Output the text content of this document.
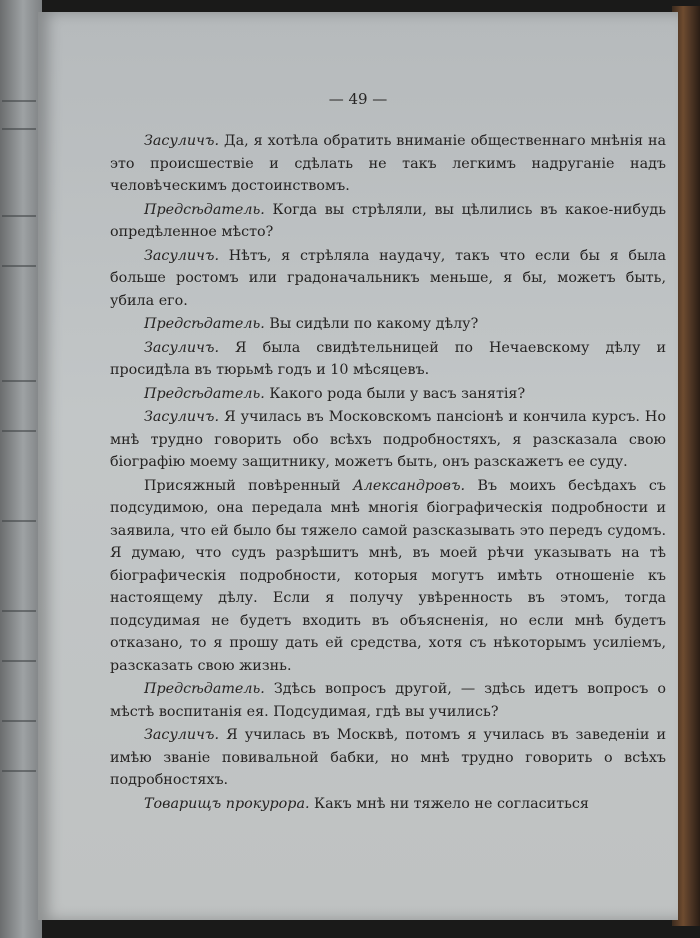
— 49 —

Засуличъ. Да, я хотѣла обратить вниманіе общественнаго мнѣнія на это происшествіе и сдѣлать не такъ легкимъ надруганіе надъ человѣческимъ достоинствомъ.

Предсѣдатель. Когда вы стрѣляли, вы цѣлились въ какое-нибудь опредѣленное мѣсто?

Засуличъ. Нѣтъ, я стрѣляла наудачу, такъ что если бы я была больше ростомъ или градоначальникъ меньше, я бы, можетъ быть, убила его.

Предсѣдатель. Вы сидѣли по какому дѣлу?

Засуличъ. Я была свидѣтельницей по Нечаевскому дѣлу и просидѣла въ тюрьмѣ годъ и 10 мѣсяцевъ.

Предсѣдатель. Какого рода были у васъ занятія?

Засуличъ. Я училась въ Московскомъ пансіонѣ и кончила курсъ. Но мнѣ трудно говорить обо всѣхъ подробностяхъ, я разсказала свою біографію моему защитнику, можетъ быть, онъ разскажетъ ее суду.

Присяжный повѣренный Александровъ. Въ моихъ бесѣдахъ съ подсудимою, она передала мнѣ многія біографическія подробности и заявила, что ей было бы тяжело самой разсказывать это передъ судомъ. Я думаю, что судъ разрѣшитъ мнѣ, въ моей рѣчи указывать на тѣ біографическія подробности, которыя могутъ имѣть отношеніе къ настоящему дѣлу. Если я получу увѣренность въ этомъ, тогда подсудимая не будетъ входить въ объясненія, но если мнѣ будетъ отказано, то я прошу дать ей средства, хотя съ нѣкоторымъ усиліемъ, разсказать свою жизнь.

Предсѣдатель. Здѣсь вопросъ другой, — здѣсь идетъ вопросъ о мѣстѣ воспитанія ея. Подсудимая, гдѣ вы учились?

Засуличъ. Я училась въ Москвѣ, потомъ я училась въ заведеніи и имѣю званіе повивальной бабки, но мнѣ трудно говорить о всѣхъ подробностяхъ.

Товарищъ прокурора. Какъ мнѣ ни тяжело не согласиться
